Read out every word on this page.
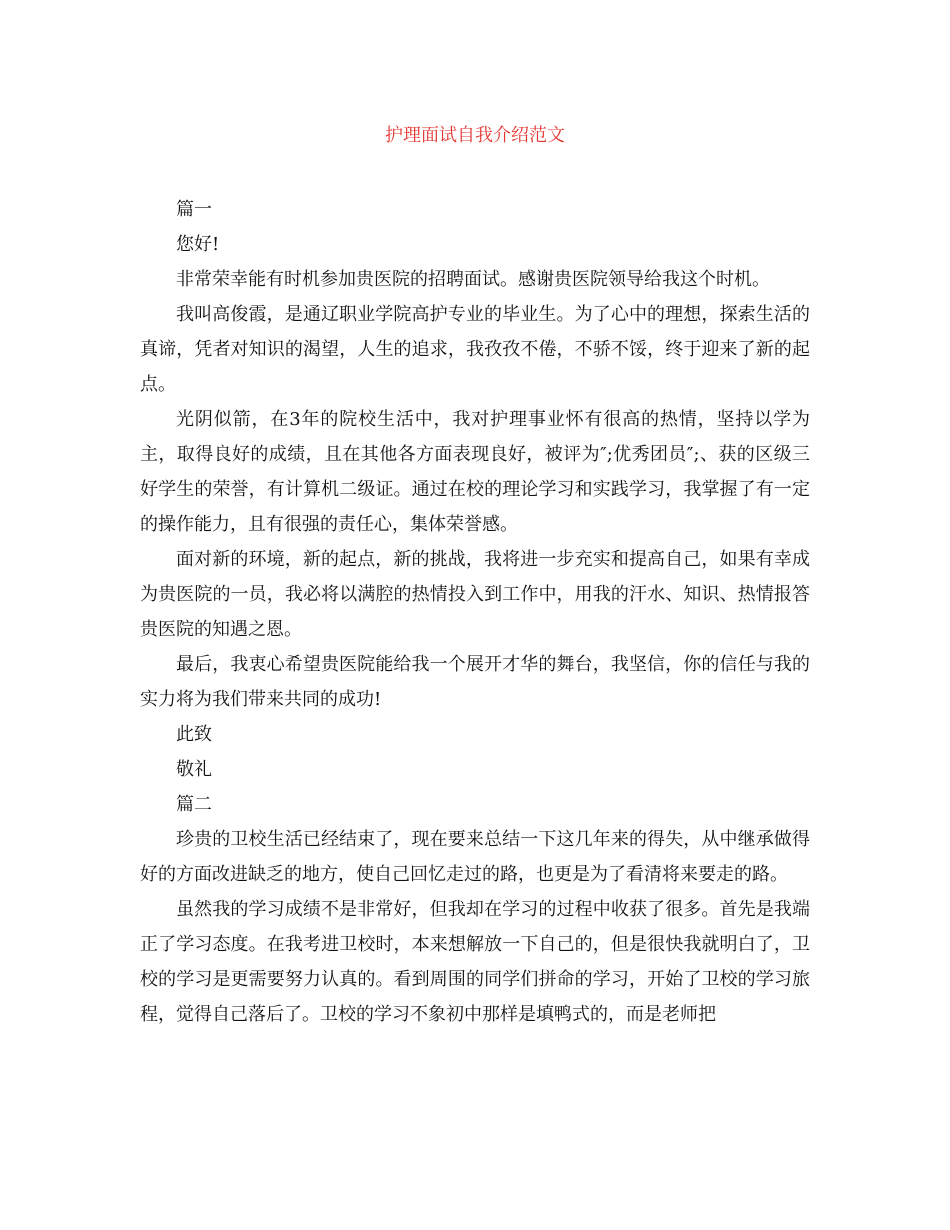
护理面试自我介绍范文

篇一

您好!

非常荣幸能有时机参加贵医院的招聘面试。感谢贵医院领导给我这个时机。

我叫高俊霞，是通辽职业学院高护专业的毕业生。为了心中的理想，探索生活的真谛，凭者对知识的渴望，人生的追求，我孜孜不倦，不骄不馁，终于迎来了新的起点。

光阴似箭，在3年的院校生活中，我对护理事业怀有很高的热情，坚持以学为主，取得良好的成绩，且在其他各方面表现良好，被评为″;优秀团员″;、获的区级三好学生的荣誉，有计算机二级证。通过在校的理论学习和实践学习，我掌握了有一定的操作能力，且有很强的责任心，集体荣誉感。

面对新的环境，新的起点，新的挑战，我将进一步充实和提高自己，如果有幸成为贵医院的一员，我必将以满腔的热情投入到工作中，用我的汗水、知识、热情报答贵医院的知遇之恩。

最后，我衷心希望贵医院能给我一个展开才华的舞台，我坚信，你的信任与我的实力将为我们带来共同的成功!

此致

敬礼

篇二

珍贵的卫校生活已经结束了，现在要来总结一下这几年来的得失，从中继承做得好的方面改进缺乏的地方，使自己回忆走过的路，也更是为了看清将来要走的路。

虽然我的学习成绩不是非常好，但我却在学习的过程中收获了很多。首先是我端正了学习态度。在我考进卫校时，本来想解放一下自己的，但是很快我就明白了，卫校的学习是更需要努力认真的。看到周围的同学们拼命的学习，开始了卫校的学习旅程，觉得自己落后了。卫校的学习不象初中那样是填鸭式的，而是老师把
